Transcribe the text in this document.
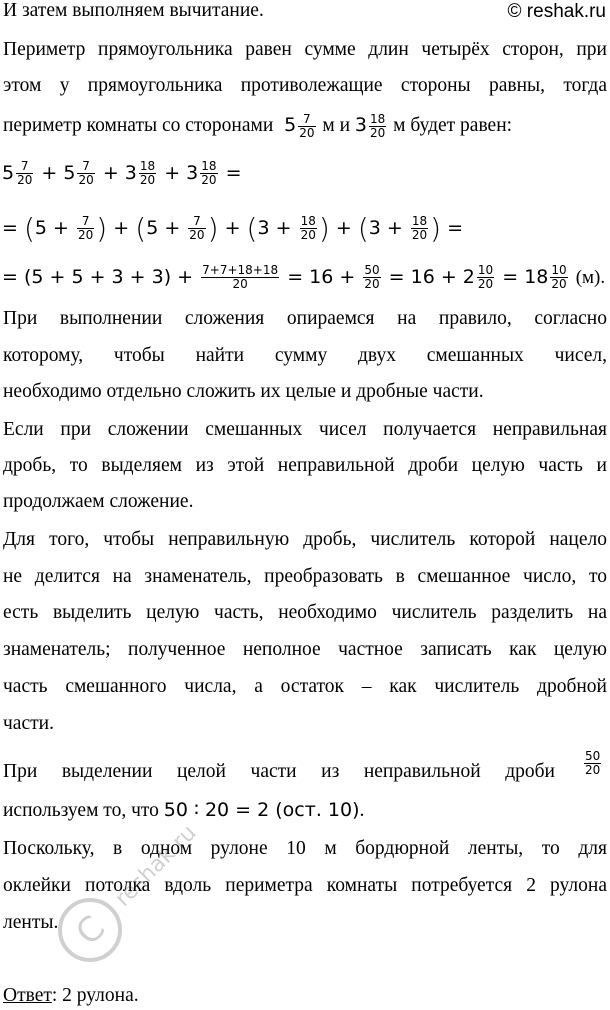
И затем выполняем вычитание.	© reshak.ru
Периметр прямоугольника равен сумме длин четырёх сторон, при
этом у прямоугольника противолежащие стороны равны, тогда
периметр комнаты со сторонами $5 \frac{7}{20}$ м и $3 \frac{18}{20}$ м будет равен:
$5 \frac{7}{20} + 5 \frac{7}{20} + 3 \frac{18}{20} + 3 \frac{18}{20}$ =
= ($5 + \frac{7}{20}$ ) + ($5 + \frac{7}{20}$ ) + ($3 + \frac{18}{20}$ ) + ($3 + \frac{18}{20}$ ) =
= $(5 + 5 + 3 + 3) + \frac{7+7+18+18}{20} = 16 + \frac{50}{20} = 16 + 2 \frac{10}{20} = 18 \frac{10}{20} (м)$.
При выполнении сложения опираемся на правило, согласно
которому, чтобы найти сумму двух смешанных чисел,
необходимо отдельно сложить их целые и дробные части.
Если при сложении смешанных чисел получается неправильная
дробь, то выделяем из этой неправильной дроби целую часть и
продолжаем сложение.
Для того, чтобы неправильную дробь, числитель которой нацело
не делится на знаменатель, преобразовать в смешанное число, то
есть выделить целую часть, необходимо числитель разделить на
знаменатель; полученное неполное частное записать как целую
часть смешанного числа, а остаток – как числитель дробной
части.
При выделении целой части из неправильной дроби $\frac{50}{20}$
используем то, что 50 ∶ 20 = 2 (ост. 10).
Поскольку, в одном рулоне 10 м бордюрной ленты, то для
оклейки потолка вдоль периметра комнаты потребуется 2 рулона
ленты.
Ответ: 2 рулона.
C
reshak.ru
